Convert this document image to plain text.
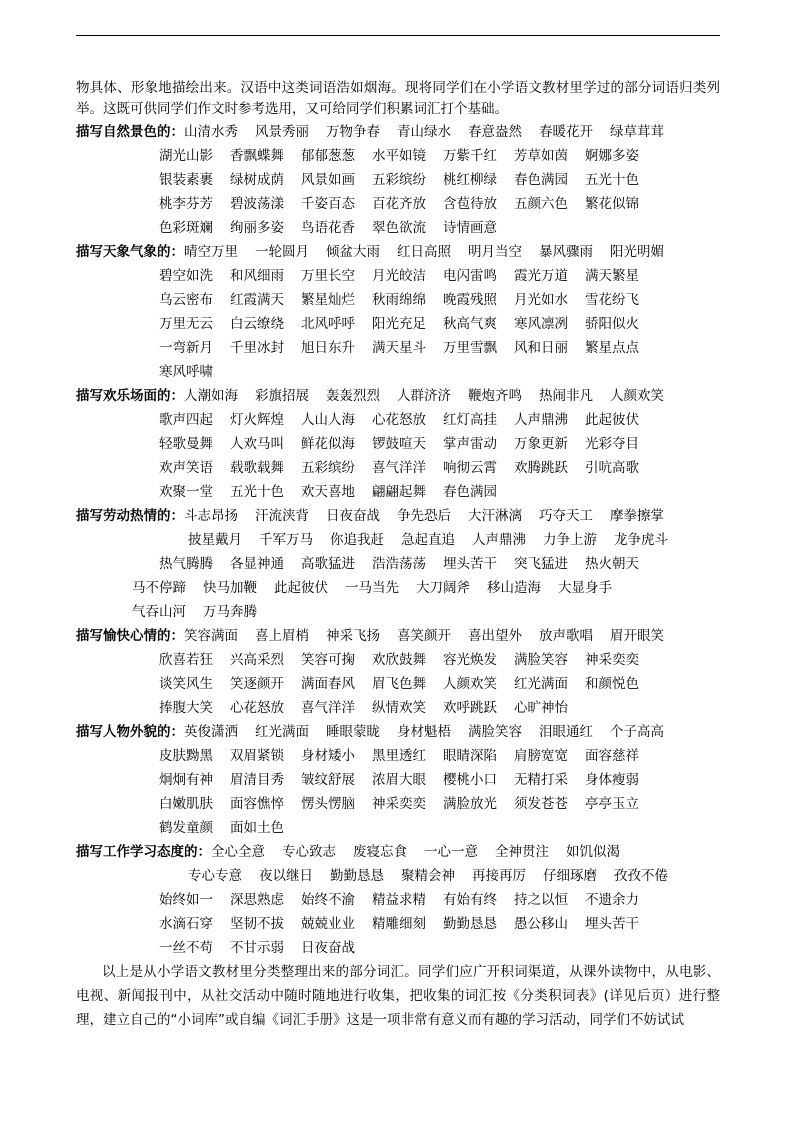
物具体、形象地描绘出来。汉语中这类词语浩如烟海。现将同学们在小学语文教材里学过的部分词语归类列举。这既可供同学们作文时参考选用，又可给同学们积累词汇打个基础。

描写自然景色的：山清水秀 风景秀丽 万物争春 青山绿水 春意盎然 春暖花开 绿草茸茸
湖光山影 香飘蝶舞 郁郁葱葱 水平如镜 万紫千红 芳草如茵 婀娜多姿
银装素裹 绿树成荫 风景如画 五彩缤纷 桃红柳绿 春色满园 五光十色
桃李芬芳 碧波荡漾 千姿百态 百花齐放 含苞待放 五颜六色 繁花似锦
色彩斑斓 绚丽多姿 鸟语花香 翠色欲流 诗情画意
描写天象气象的：晴空万里 一轮圆月 倾盆大雨 红日高照 明月当空 暴风骤雨 阳光明媚
碧空如洗 和风细雨 万里长空 月光皎洁 电闪雷鸣 霞光万道 满天繁星
乌云密布 红霞满天 繁星灿烂 秋雨绵绵 晚霞残照 月光如水 雪花纷飞
万里无云 白云缭绕 北风呼呼 阳光充足 秋高气爽 寒风凛冽 骄阳似火
一弯新月 千里冰封 旭日东升 满天星斗 万里雪飘 风和日丽 繁星点点
寒风呼啸
描写欢乐场面的：人潮如海 彩旗招展 轰轰烈烈 人群济济 鞭炮齐鸣 热闹非凡 人颜欢笑
歌声四起 灯火辉煌 人山人海 心花怒放 红灯高挂 人声鼎沸 此起彼伏
轻歌曼舞 人欢马叫 鲜花似海 锣鼓喧天 掌声雷动 万象更新 光彩夺目
欢声笑语 载歌载舞 五彩缤纷 喜气洋洋 响彻云霄 欢腾跳跃 引吭高歌
欢聚一堂 五光十色 欢天喜地 翩翩起舞 春色满园
描写劳动热情的：斗志昂扬 汗流浃背 日夜奋战 争先恐后 大汗淋漓 巧夺天工 摩拳擦掌
披星戴月 千军万马 你追我赶 急起直追 人声鼎沸 力争上游 龙争虎斗
热气腾腾 各显神通 高歌猛进 浩浩荡荡 埋头苦干 突飞猛进 热火朝天
马不停蹄 快马加鞭 此起彼伏 一马当先 大刀阔斧 移山造海 大显身手
气吞山河 万马奔腾
描写愉快心情的：笑容满面 喜上眉梢 神采飞扬 喜笑颜开 喜出望外 放声歌唱 眉开眼笑
欣喜若狂 兴高采烈 笑容可掬 欢欣鼓舞 容光焕发 满脸笑容 神采奕奕
谈笑风生 笑逐颜开 满面春风 眉飞色舞 人颜欢笑 红光满面 和颜悦色
捧腹大笑 心花怒放 喜气洋洋 纵情欢笑 欢呼跳跃 心旷神怡
描写人物外貌的：英俊潇洒 红光满面 睡眼蒙眬 身材魁梧 满脸笑容 泪眼通红 个子高高
皮肤黝黑 双眉紧锁 身材矮小 黑里透红 眼睛深陷 肩膀宽宽 面容慈祥
炯炯有神 眉清目秀 皱纹舒展 浓眉大眼 樱桃小口 无精打采 身体瘦弱
白嫩肌肤 面容憔悴 愣头愣脑 神采奕奕 满脸放光 须发苍苍 亭亭玉立
鹤发童颜 面如土色
描写工作学习态度的：全心全意 专心致志 废寝忘食 一心一意 全神贯注 如饥似渴
专心专意 夜以继日 勤勤恳恳 聚精会神 再接再厉 仔细琢磨 孜孜不倦
始终如一 深思熟虑 始终不渝 精益求精 有始有终 持之以恒 不遗余力
水滴石穿 坚韧不拔 兢兢业业 精雕细刻 勤勤恳恳 愚公移山 埋头苦干
一丝不苟 不甘示弱 日夜奋战

以上是从小学语文教材里分类整理出来的部分词汇。同学们应广开积词渠道，从课外读物中，从电影、电视、新闻报刊中，从社交活动中随时随地进行收集，把收集的词汇按《分类积词表》(详见后页）进行整理，建立自己的“小词库”或自编《词汇手册》这是一项非常有意义而有趣的学习活动，同学们不妨试试
